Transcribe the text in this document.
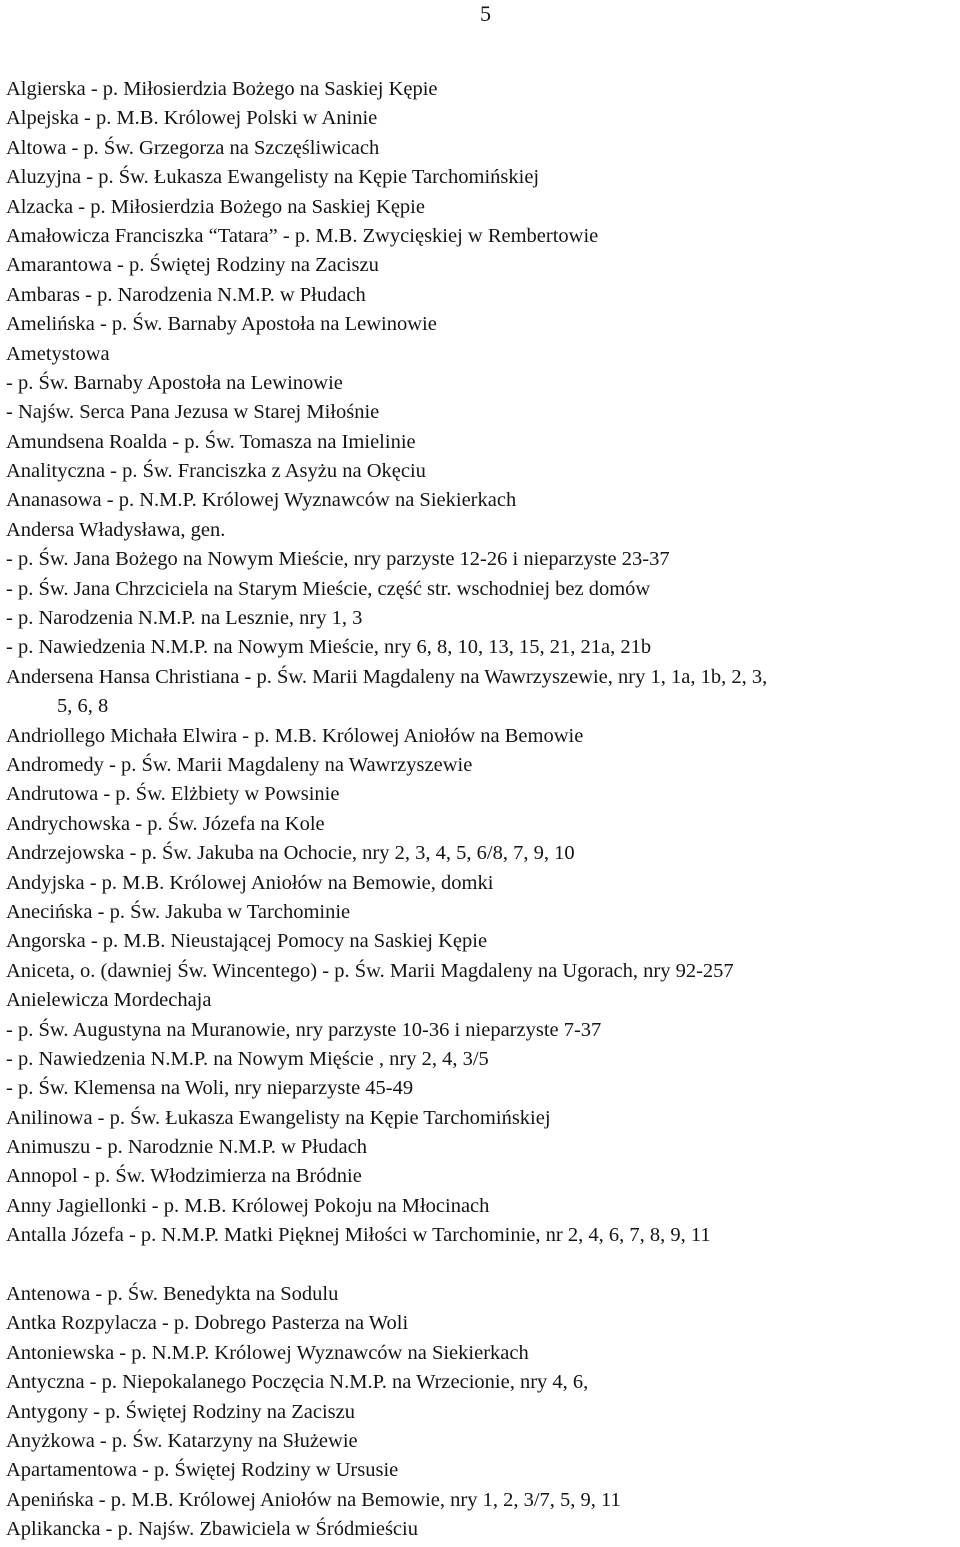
5
Algierska - p. Miłosierdzia Bożego na Saskiej Kępie
Alpejska - p. M.B. Królowej Polski w Aninie
Altowa - p. Św. Grzegorza na Szczęśliwicach
Aluzyjna - p. Św. Łukasza Ewangelisty na Kępie Tarchomińskiej
Alzacka - p. Miłosierdzia Bożego na Saskiej Kępie
Amałowicza Franciszka “Tatara” - p. M.B. Zwycięskiej w Rembertowie
Amarantowa - p. Świętej Rodziny na Zaciszu
Ambaras - p. Narodzenia N.M.P. w Płudach
Amelińska - p. Św. Barnaby Apostoła na Lewinowie
Ametystowa
- p. Św. Barnaby Apostoła na Lewinowie
- Najśw. Serca Pana Jezusa w Starej Miłośnie
Amundsena Roalda - p. Św. Tomasza na Imielinie
Analityczna - p. Św. Franciszka z Asyżu na Okęciu
Ananasowa - p. N.M.P. Królowej Wyznawców na Siekierkach
Andersa Władysława, gen.
- p. Św. Jana Bożego na Nowym Mieście, nry parzyste 12-26 i nieparzyste 23-37
- p. Św. Jana Chrzciciela na Starym Mieście, część str. wschodniej bez domów
- p. Narodzenia N.M.P. na Lesznie, nry 1, 3
- p. Nawiedzenia N.M.P. na Nowym Mieście, nry 6, 8, 10, 13, 15, 21, 21a, 21b
Andersena Hansa Christiana - p. Św. Marii Magdaleny na Wawrzyszewie, nry 1, 1a, 1b, 2, 3,
5, 6, 8
Andriollego Michała Elwira - p. M.B. Królowej Aniołów na Bemowie
Andromedy - p. Św. Marii Magdaleny na Wawrzyszewie
Andrutowa - p. Św. Elżbiety w Powsinie
Andrychowska - p. Św. Józefa na Kole
Andrzejowska - p. Św. Jakuba na Ochocie, nry 2, 3, 4, 5, 6/8, 7, 9, 10
Andyjska - p. M.B. Królowej Aniołów na Bemowie, domki
Anecińska - p. Św. Jakuba w Tarchominie
Angorska - p. M.B. Nieustającej Pomocy na Saskiej Kępie
Aniceta, o. (dawniej Św. Wincentego) - p. Św. Marii Magdaleny na Ugorach, nry 92-257
Anielewicza Mordechaja
- p. Św. Augustyna na Muranowie, nry parzyste 10-36 i nieparzyste 7-37
- p. Nawiedzenia N.M.P. na Nowym Mięście , nry 2, 4, 3/5
- p. Św. Klemensa na Woli, nry nieparzyste 45-49
Anilinowa - p. Św. Łukasza Ewangelisty na Kępie Tarchomińskiej
Animuszu - p. Narodznie N.M.P. w Płudach
Annopol - p. Św. Włodzimierza na Bródnie
Anny Jagiellonki - p. M.B. Królowej Pokoju na Młocinach
Antalla Józefa - p. N.M.P. Matki Pięknej Miłości w Tarchominie, nr 2, 4, 6, 7, 8, 9, 11
Antenowa - p. Św. Benedykta na Sodulu
Antka Rozpylacza - p. Dobrego Pasterza na Woli
Antoniewska - p. N.M.P. Królowej Wyznawców na Siekierkach
Antyczna - p. Niepokalanego Poczęcia N.M.P. na Wrzecionie, nry 4, 6,
Antygony - p. Świętej Rodziny na Zaciszu
Anyżkowa - p. Św. Katarzyny na Służewie
Apartamentowa - p. Świętej Rodziny w Ursusie
Apenińska - p. M.B. Królowej Aniołów na Bemowie, nry 1, 2, 3/7, 5, 9, 11
Aplikancka - p. Najśw. Zbawiciela w Śródmieściu
